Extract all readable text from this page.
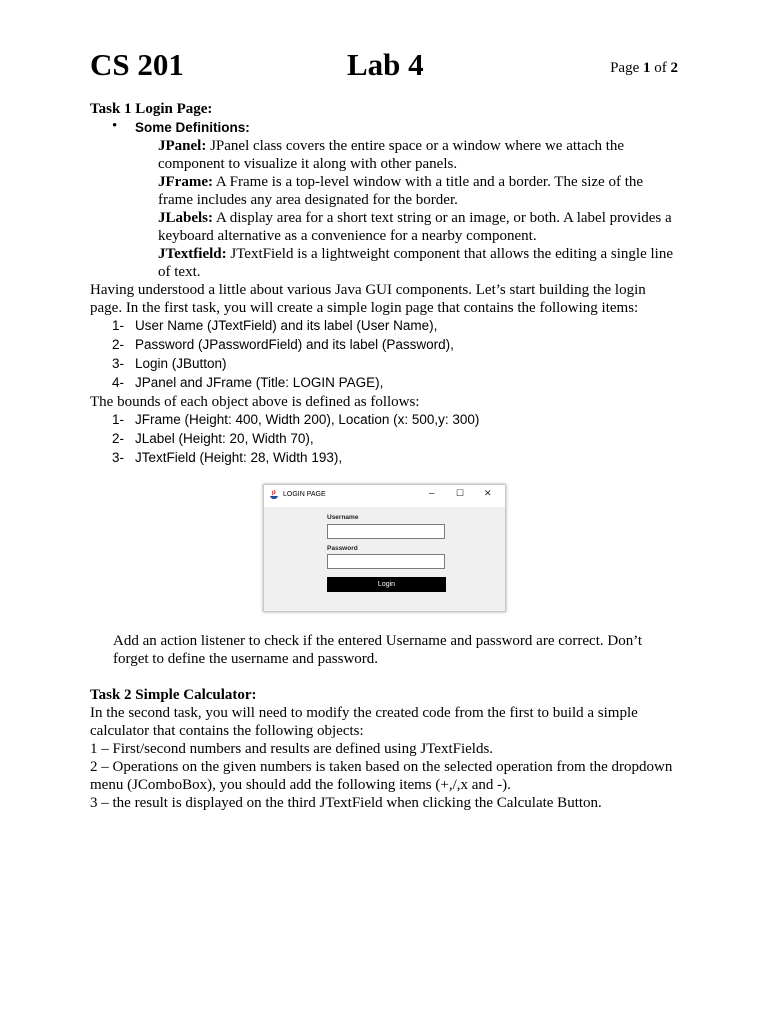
CS 201	Lab 4	Page 1 of 2
Task 1 Login Page:
• Some Definitions:
JPanel: JPanel class covers the entire space or a window where we attach the
component to visualize it along with other panels.
JFrame: A Frame is a top-level window with a title and a border. The size of the
frame includes any area designated for the border.
JLabels: A display area for a short text string or an image, or both. A label provides a
keyboard alternative as a convenience for a nearby component.
JTextfield: JTextField is a lightweight component that allows the editing a single line
of text.
Having understood a little about various Java GUI components. Let’s start building the login
page. In the first task, you will create a simple login page that contains the following items:
1- User Name (JTextField) and its label (User Name),
2- Password (JPasswordField) and its label (Password),
3- Login (JButton)
4- JPanel and JFrame (Title: LOGIN PAGE),
The bounds of each object above is defined as follows:
1- JFrame (Height: 400, Width 200), Location (x: 500,y: 300)
2- JLabel (Height: 20, Width 70),
3- JTextField (Height: 28, Width 193),
LOGIN PAGE	– ☐ ✕
Username
Password
Login
Add an action listener to check if the entered Username and password are correct. Don’t
forget to define the username and password.
Task 2 Simple Calculator:
In the second task, you will need to modify the created code from the first to build a simple
calculator that contains the following objects:
1 – First/second numbers and results are defined using JTextFields.
2 – Operations on the given numbers is taken based on the selected operation from the dropdown
menu (JComboBox), you should add the following items (+,/,x and -).
3 – the result is displayed on the third JTextField when clicking the Calculate Button.
